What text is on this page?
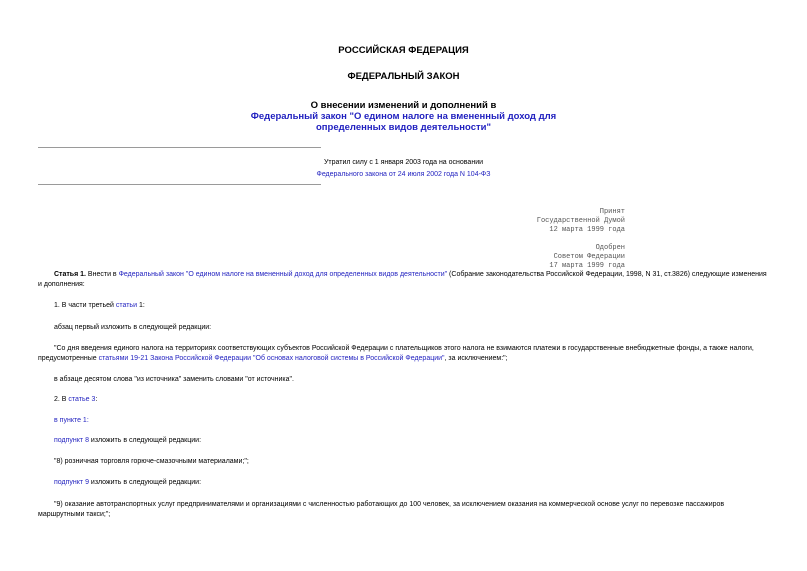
РОССИЙСКАЯ ФЕДЕРАЦИЯ
ФЕДЕРАЛЬНЫЙ ЗАКОН
О внесении изменений и дополнений в
Федеральный закон "О едином налоге на вмененный доход для
определенных видов деятельности"
Утратил силу с 1 января 2003 года на основании
Федерального закона от 24 июля 2002 года N 104-ФЗ
Принят
Государственной Думой
12 марта 1999 года
Одобрен
Советом Федерации
17 марта 1999 года

Статья 1. Внести в Федеральный закон "О едином налоге на вмененный доход для определенных видов деятельности" (Собрание законодательства Российской Федерации, 1998, N 31, ст.3826) следующие изменения и дополнения:

1. В части третьей статьи 1:
абзац первый изложить в следующей редакции:

"Со дня введения единого налога на территориях соответствующих субъектов Российской Федерации с плательщиков этого налога не взимаются платежи в государственные внебюджетные фонды, а также налоги, предусмотренные статьями 19-21 Закона Российской Федерации "Об основах налоговой системы в Российской Федерации", за исключением:";

в абзаце десятом слова "из источника" заменить словами "от источника".
2. В статье 3:
в пункте 1:
подпункт 8 изложить в следующей редакции:
"8) розничная торговля горюче-смазочными материалами;";
подпункт 9 изложить в следующей редакции:

"9) оказание автотранспортных услуг предпринимателями и организациями с численностью работающих до 100 человек, за исключением оказания на коммерческой основе услуг по перевозке пассажиров маршрутными такси;";
